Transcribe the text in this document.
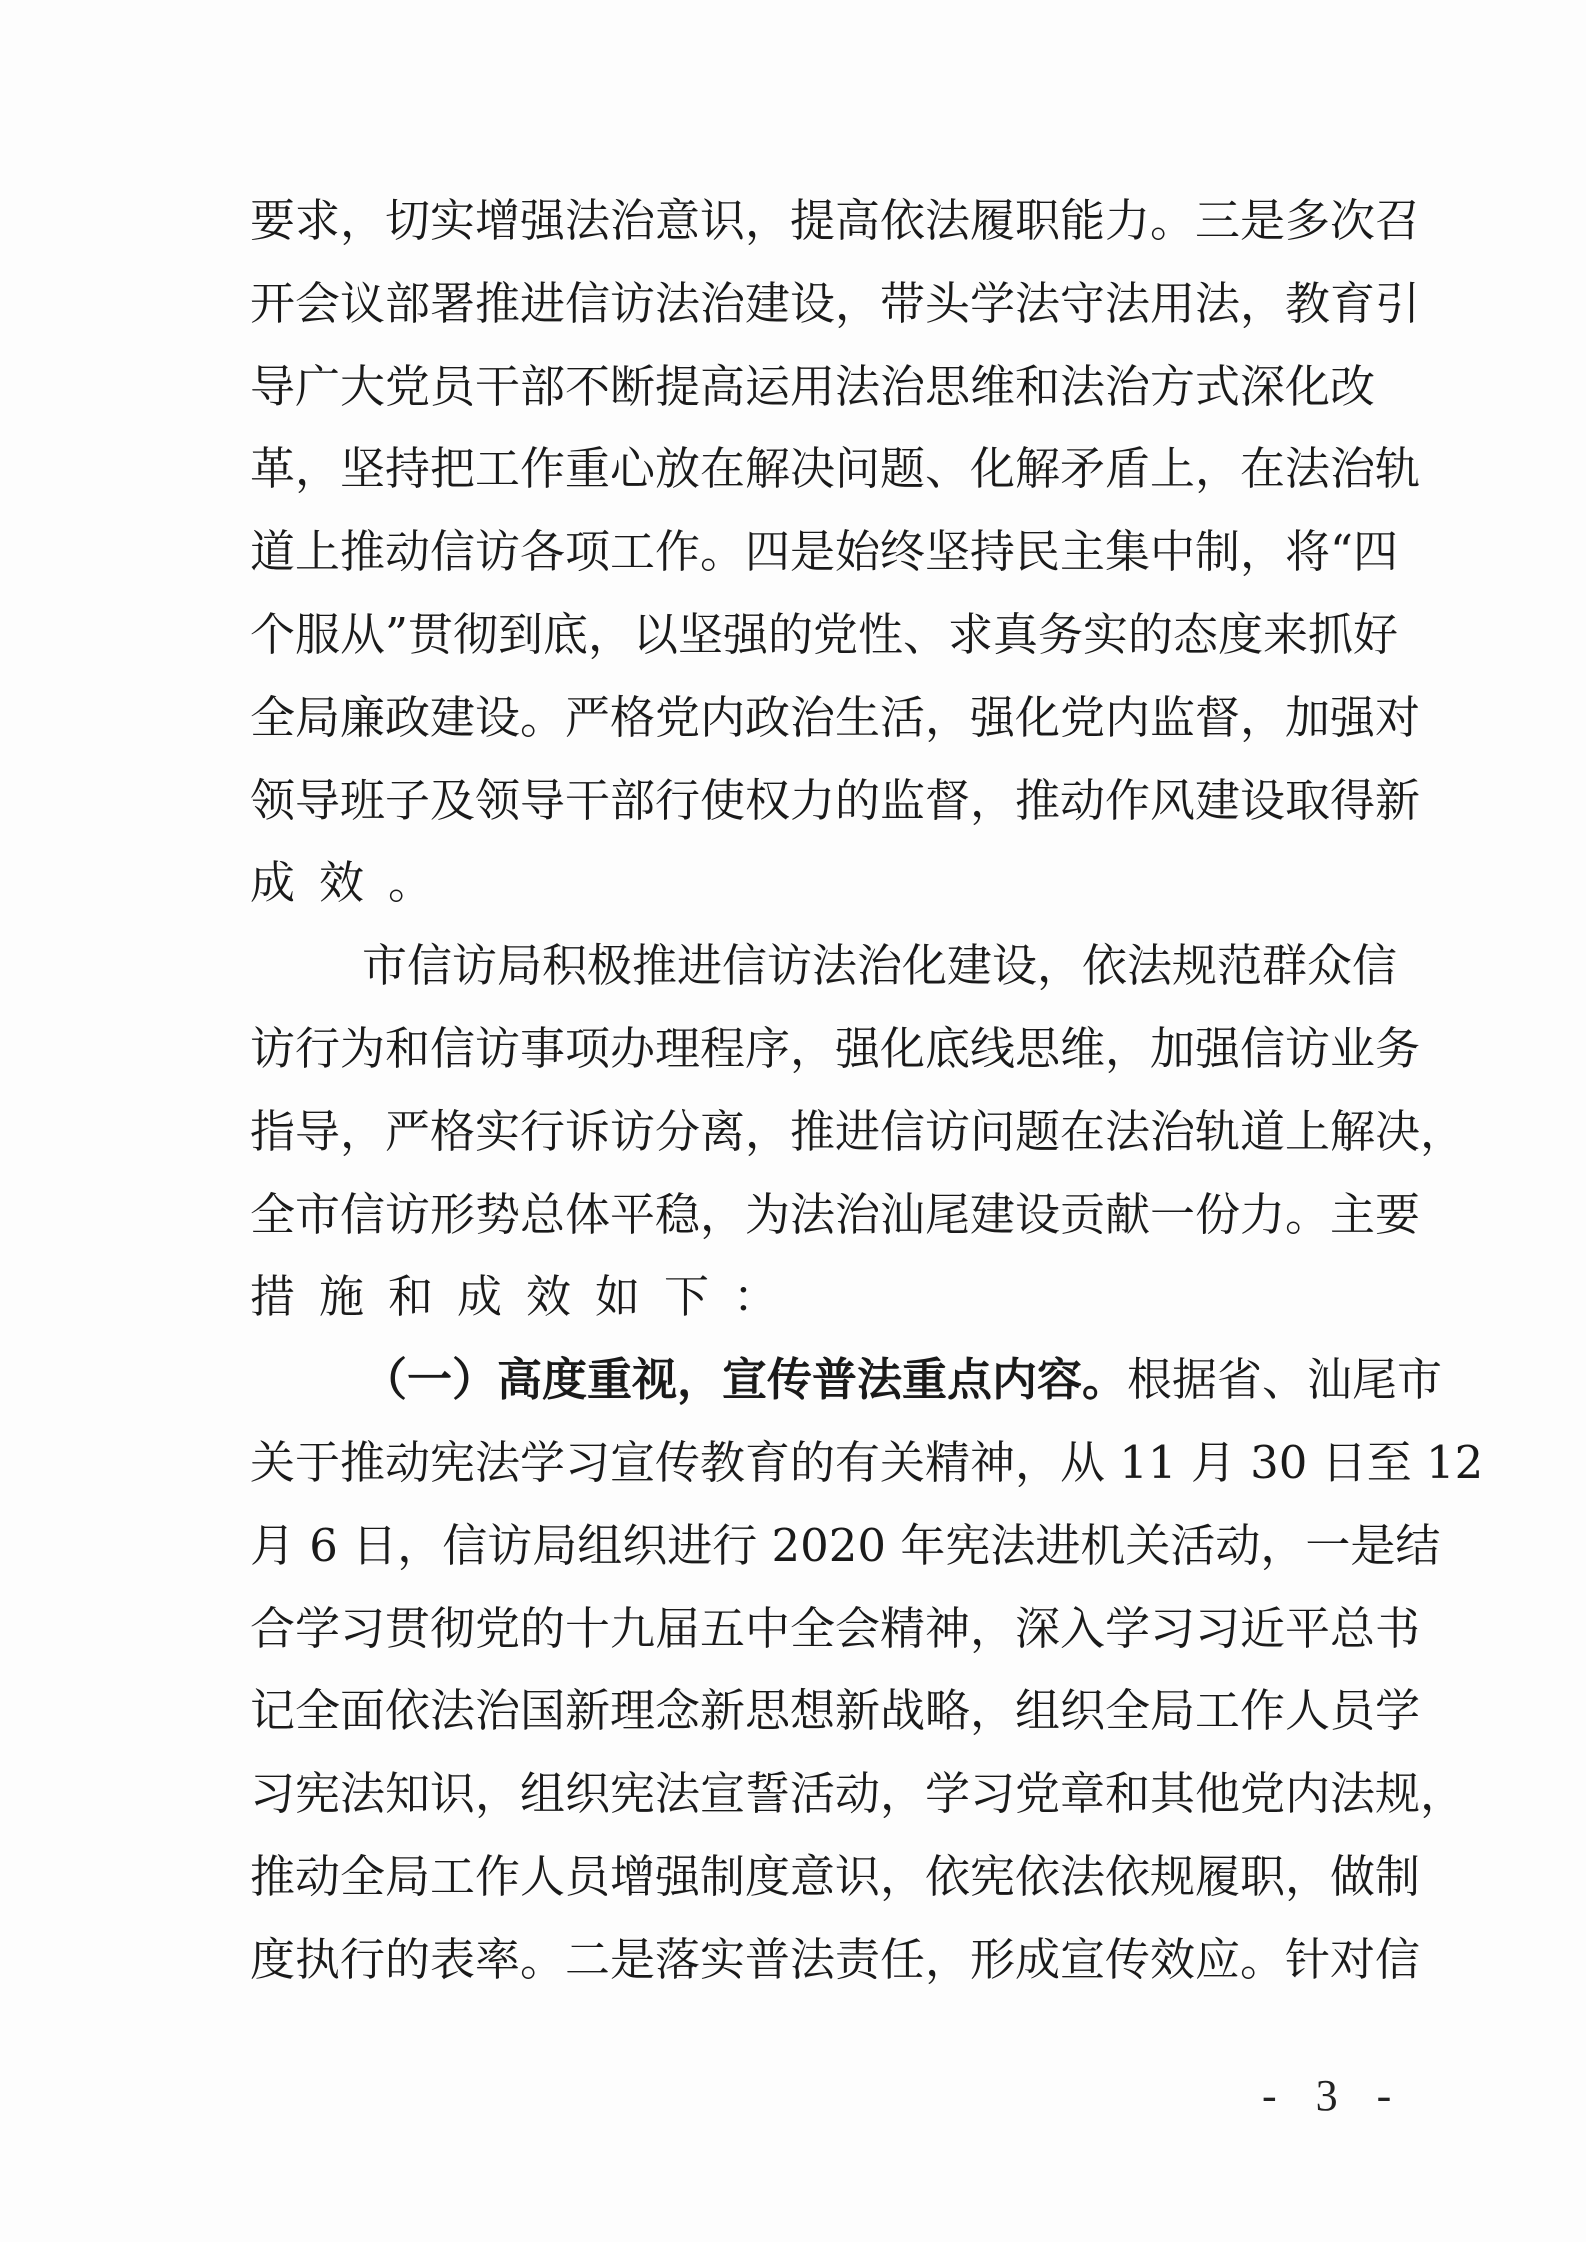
要求，切实增强法治意识，提高依法履职能力。三是多次召
开会议部署推进信访法治建设，带头学法守法用法，教育引
导广大党员干部不断提高运用法治思维和法治方式深化改
革，坚持把工作重心放在解决问题、化解矛盾上，在法治轨
道上推动信访各项工作。四是始终坚持民主集中制，将“四
个服从”贯彻到底，以坚强的党性、求真务实的态度来抓好
全局廉政建设。严格党内政治生活，强化党内监督，加强对
领导班子及领导干部行使权力的监督，推动作风建设取得新
成效。
市信访局积极推进信访法治化建设，依法规范群众信
访行为和信访事项办理程序，强化底线思维，加强信访业务
指导，严格实行诉访分离，推进信访问题在法治轨道上解决，
全市信访形势总体平稳，为法治汕尾建设贡献一份力。主要
措施和成效如下：
（一）高度重视，宣传普法重点内容。根据省、汕尾市
关于推动宪法学习宣传教育的有关精神，从 11 月 30 日至 12
月 6 日，信访局组织进行 2020 年宪法进机关活动，一是结
合学习贯彻党的十九届五中全会精神，深入学习习近平总书
记全面依法治国新理念新思想新战略，组织全局工作人员学
习宪法知识，组织宪法宣誓活动，学习党章和其他党内法规，
推动全局工作人员增强制度意识，依宪依法依规履职，做制
度执行的表率。二是落实普法责任，形成宣传效应。针对信
- 3 -
